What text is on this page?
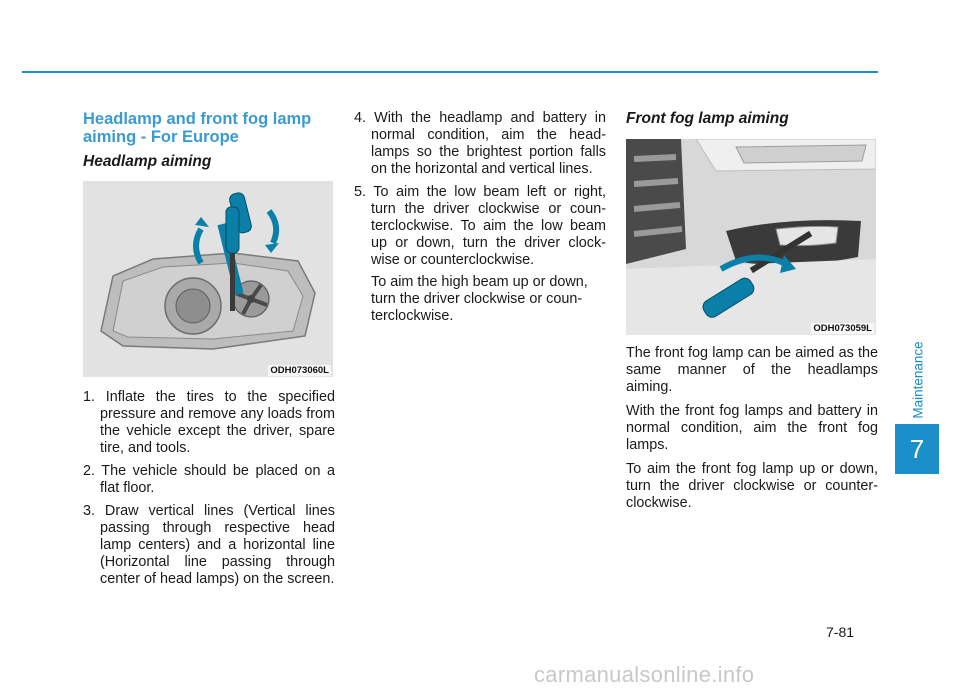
Headlamp and front fog lamp aiming - For Europe
Headlamp aiming
ODH073060L
1. Inflate the tires to the specified pressure and remove any loads from the vehicle except the driver, spare tire, and tools.
2. The vehicle should be placed on a flat floor.
3. Draw vertical lines (Vertical lines passing through respective head lamp centers) and a horizontal line (Horizontal line passing through center of head lamps) on the screen.
4. With the headlamp and battery in normal condition, aim the head-lamps so the brightest portion falls on the horizontal and vertical lines.
5. To aim the low beam left or right, turn the driver clockwise or coun-terclockwise. To aim the low beam up or down, turn the driver clock-wise or counterclockwise.

To aim the high beam up or down, turn the driver clockwise or coun-terclockwise.

Front fog lamp aiming
ODH073059L

The front fog lamp can be aimed as the same manner of the headlamps aiming.

With the front fog lamps and battery in normal condition, aim the front fog lamps.

To aim the front fog lamp up or down, turn the driver clockwise or counter-clockwise.

Maintenance
7
7-81
carmanualsonline.info
